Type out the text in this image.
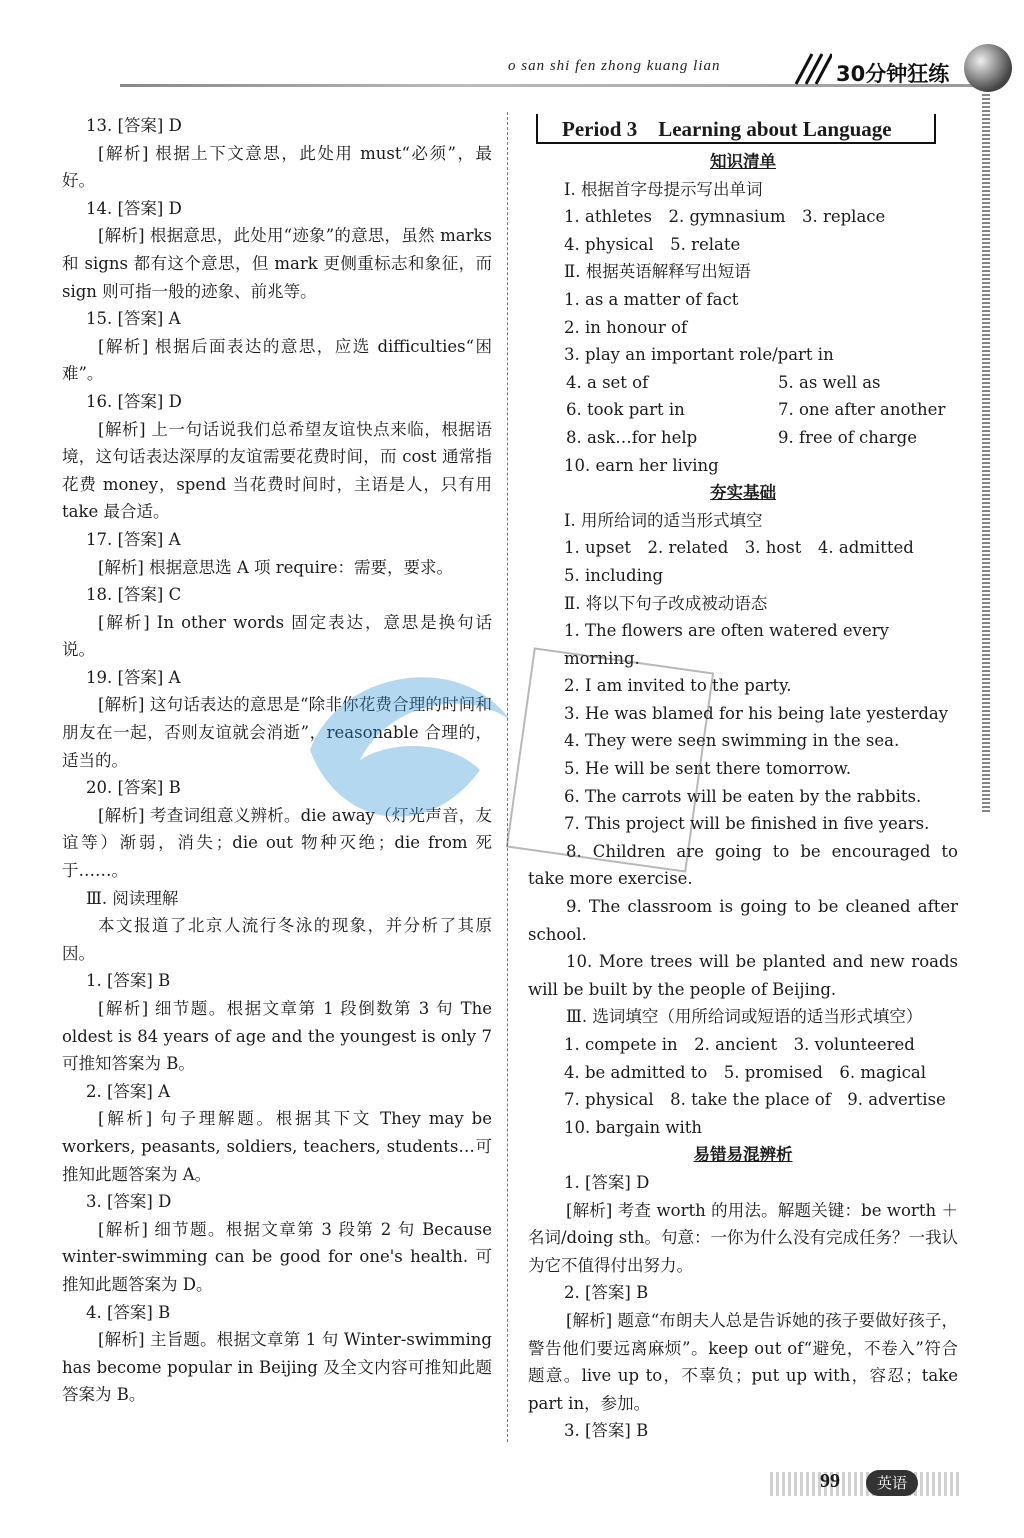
o san shi fen zhong kuang lian	30分钟狂练

13. [答案] D

[解析] 根据上下文意思，此处用 must“必须”，最好。

14. [答案] D

[解析] 根据意思，此处用“迹象”的意思，虽然 marks 和 signs 都有这个意思，但 mark 更侧重标志和象征，而 sign 则可指一般的迹象、前兆等。

15. [答案] A

[解析] 根据后面表达的意思，应选 difficulties“困难”。

16. [答案] D

[解析] 上一句话说我们总希望友谊快点来临，根据语境，这句话表达深厚的友谊需要花费时间，而 cost 通常指花费 money，spend 当花费时间时，主语是人，只有用 take 最合适。

17. [答案] A

[解析] 根据意思选 A 项 require：需要，要求。

18. [答案] C

[解析] In other words 固定表达，意思是换句话说。

19. [答案] A

[解析] 这句话表达的意思是“除非你花费合理的时间和朋友在一起，否则友谊就会消逝”，reasonable 合理的，适当的。

20. [答案] B

[解析] 考查词组意义辨析。die away（灯光声音，友谊等）渐弱，消失；die out 物种灭绝；die from 死于……。

Ⅲ. 阅读理解

本文报道了北京人流行冬泳的现象，并分析了其原因。

1. [答案] B

[解析] 细节题。根据文章第 1 段倒数第 3 句 The oldest is 84 years of age and the youngest is only 7 可推知答案为 B。

2. [答案] A

[解析] 句子理解题。根据其下文 They may be workers, peasants, soldiers, teachers, students…可推知此题答案为 A。

3. [答案] D

[解析] 细节题。根据文章第 3 段第 2 句 Because winter-swimming can be good for one's health. 可推知此题答案为 D。

4. [答案] B

[解析] 主旨题。根据文章第 1 句 Winter-swimming has become popular in Beijing 及全文内容可推知此题答案为 B。

Period 3　Learning about Language

知识清单

Ⅰ. 根据首字母提示写出单词

1. athletes　2. gymnasium　3. replace

4. physical　5. relate

Ⅱ. 根据英语解释写出短语

1. as a matter of fact

2. in honour of

3. play an important role/part in

4. a set of	5. as well as
6. took part in	7. one after another
8. ask…for help	9. free of charge

10. earn her living

夯实基础

Ⅰ. 用所给词的适当形式填空

1. upset　2. related　3. host　4. admitted

5. including

Ⅱ. 将以下句子改成被动语态

1. The flowers are often watered every morning.

2. I am invited to the party.

3. He was blamed for his being late yesterday

4. They were seen swimming in the sea.

5. He will be sent there tomorrow.

6. The carrots will be eaten by the rabbits.

7. This project will be finished in five years.

8. Children are going to be encouraged to take more exercise.

9. The classroom is going to be cleaned after school.

10. More trees will be planted and new roads will be built by the people of Beijing.

Ⅲ. 选词填空（用所给词或短语的适当形式填空）

1. compete in　2. ancient　3. volunteered

4. be admitted to　5. promised　6. magical

7. physical　8. take the place of　9. advertise

10. bargain with

易错易混辨析

1. [答案] D

[解析] 考查 worth 的用法。解题关键：be worth ＋名词/doing sth。句意：一你为什么没有完成任务？一我认为它不值得付出努力。

2. [答案] B

[解析] 题意“布朗夫人总是告诉她的孩子要做好孩子，警告他们要远离麻烦”。keep out of“避免，不卷入”符合题意。live up to，不辜负；put up with，容忍；take part in，参加。

3. [答案] B

99	英语
